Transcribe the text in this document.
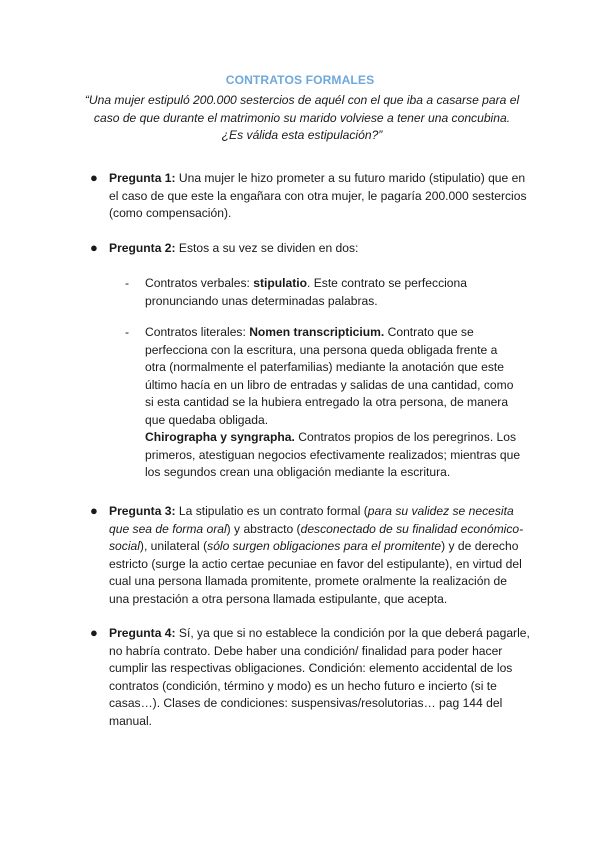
CONTRATOS FORMALES
“Una mujer estipuló 200.000 sestercios de aquél con el que iba a casarse para el caso de que durante el matrimonio su marido volviese a tener una concubina. ¿Es válida esta estipulación?”
● Pregunta 1: Una mujer le hizo prometer a su futuro marido (stipulatio) que en el caso de que este la engañara con otra mujer, le pagaría 200.000 sestercios (como compensación).
● Pregunta 2: Estos a su vez se dividen en dos:
- Contratos verbales: stipulatio. Este contrato se perfecciona pronunciando unas determinadas palabras.
- Contratos literales: Nomen transcripticium. Contrato que se perfecciona con la escritura, una persona queda obligada frente a otra (normalmente el paterfamilias) mediante la anotación que este último hacía en un libro de entradas y salidas de una cantidad, como si esta cantidad se la hubiera entregado la otra persona, de manera que quedaba obligada.
Chirographa y syngrapha. Contratos propios de los peregrinos. Los primeros, atestiguan negocios efectivamente realizados; mientras que los segundos crean una obligación mediante la escritura.
● Pregunta 3: La stipulatio es un contrato formal (para su validez se necesita que sea de forma oral) y abstracto (desconectado de su finalidad económico-social), unilateral (sólo surgen obligaciones para el promitente) y de derecho estricto (surge la actio certae pecuniae en favor del estipulante), en virtud del cual una persona llamada promitente, promete oralmente la realización de una prestación a otra persona llamada estipulante, que acepta.
● Pregunta 4: Sí, ya que si no establece la condición por la que deberá pagarle, no habría contrato. Debe haber una condición/ finalidad para poder hacer cumplir las respectivas obligaciones. Condición: elemento accidental de los contratos (condición, término y modo) es un hecho futuro e incierto (si te casas…). Clases de condiciones: suspensivas/resolutorias… pag 144 del manual.
